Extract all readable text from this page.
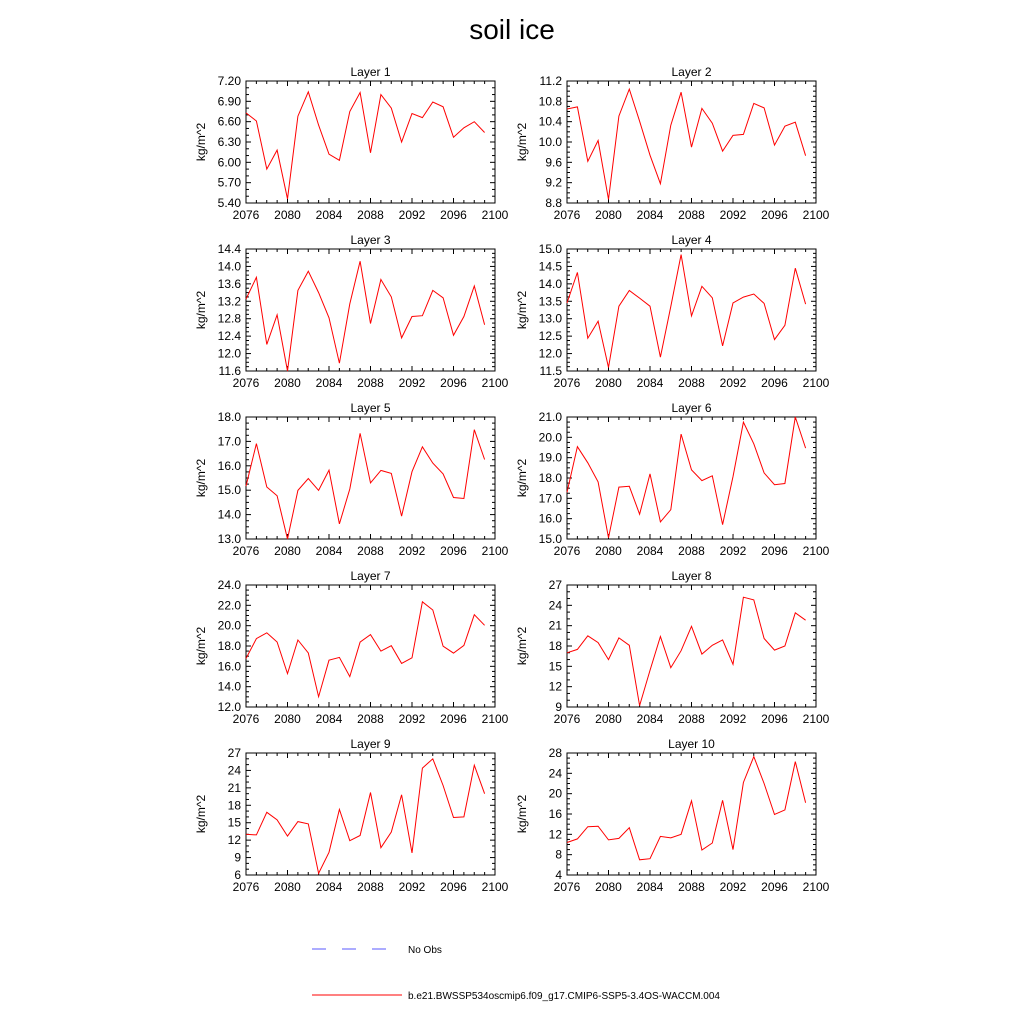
soil ice
Layer 1
kg/m^2
2076 2080 2084 2088 2092 2096 2100
5.40
5.70
6.00
6.30
6.60
6.90
7.20
Layer 2
kg/m^2
2076 2080 2084 2088 2092 2096 2100
8.8
9.2
9.6
10.0
10.4
10.8
11.2
Layer 3
kg/m^2
2076 2080 2084 2088 2092 2096 2100
11.6
12.0
12.4
12.8
13.2
13.6
14.0
14.4
Layer 4
kg/m^2
2076 2080 2084 2088 2092 2096 2100
11.5
12.0
12.5
13.0
13.5
14.0
14.5
15.0
Layer 5
kg/m^2
2076 2080 2084 2088 2092 2096 2100
13.0
14.0
15.0
16.0
17.0
18.0
Layer 6
kg/m^2
2076 2080 2084 2088 2092 2096 2100
15.0
16.0
17.0
18.0
19.0
20.0
21.0
Layer 7
kg/m^2
2076 2080 2084 2088 2092 2096 2100
12.0
14.0
16.0
18.0
20.0
22.0
24.0
Layer 8
kg/m^2
2076 2080 2084 2088 2092 2096 2100
9
12
15
18
21
24
27
Layer 9
kg/m^2
2076 2080 2084 2088 2092 2096 2100
6
9
12
15
18
21
24
27
Layer 10
kg/m^2
2076 2080 2084 2088 2092 2096 2100
4
8
12
16
20
24
28
No Obs
b.e21.BWSSP534oscmip6.f09_g17.CMIP6-SSP5-3.4OS-WACCM.004
